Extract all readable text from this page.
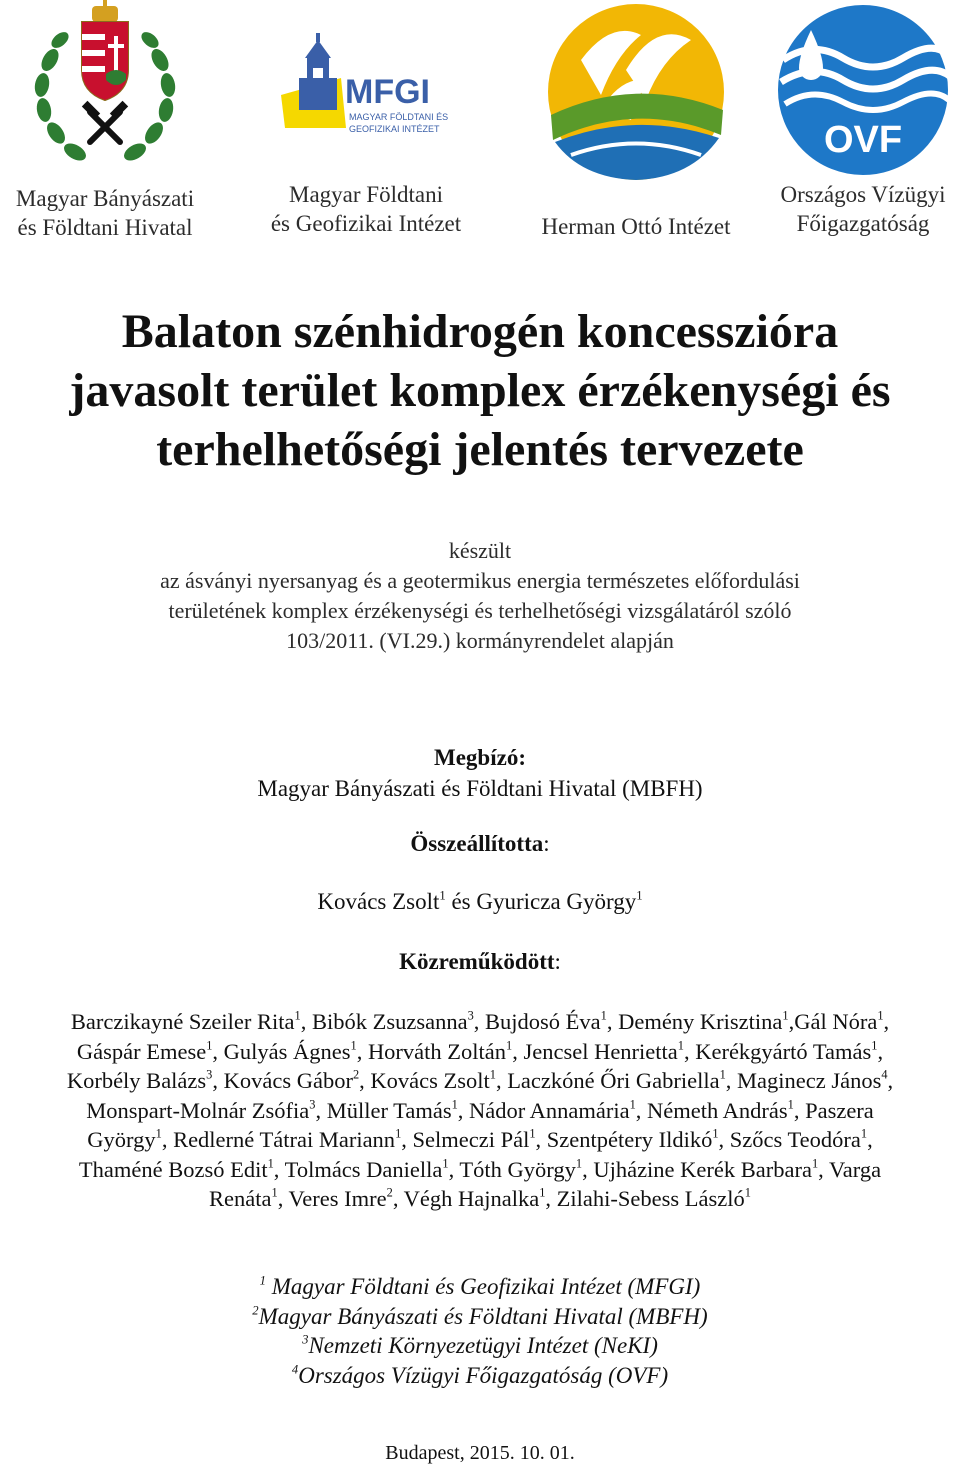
Magyar Bányászati
és Földtani Hivatal
MFGI
MAGYAR FÖLDTANI ÉS
GEOFIZIKAI INTÉZET
Magyar Földtani
és Geofizikai Intézet	Herman Ottó Intézet
OVF
Országos Vízügyi
Főigazgatóság
Balaton szénhidrogén koncesszióra
javasolt terület komplex érzékenységi és
terhelhetőségi jelentés tervezete
készült
az ásványi nyersanyag és a geotermikus energia természetes előfordulási
területének komplex érzékenységi és terhelhetőségi vizsgálatáról szóló
103/2011. (VI.29.) kormányrendelet alapján
Megbízó:
Magyar Bányászati és Földtani Hivatal (MBFH)
Összeállította:
Kovács Zsolt$^1$ és Gyuricza György$^1$
Közreműködött:
Barczikayné Szeiler Rita$^1$, Bibók Zsuzsanna$^3$, Bujdosó Éva$^1$, Demény Krisztina$^1$,Gál Nóra$^1$,
Gáspár Emese$^1$, Gulyás Ágnes$^1$, Horváth Zoltán$^1$, Jencsel Henrietta$^1$, Kerékgyártó Tamás$^1$,
Korbély Balázs$^3$, Kovács Gábor$^2$, Kovács Zsolt$^1$, Laczkóné Őri Gabriella$^1$, Maginecz János$^4$,
Monspart-Molnár Zsófia$^3$, Müller Tamás$^1$, Nádor Annamária$^1$, Németh András$^1$, Paszera
György$^1$, Redlerné Tátrai Mariann$^1$, Selmeczi Pál$^1$, Szentpétery Ildikó$^1$, Szőcs Teodóra$^1$,
Thaméné Bozsó Edit$^1$, Tolmács Daniella$^1$, Tóth György$^1$, Ujházine Kerék Barbara$^1$, Varga
Renáta$^1$, Veres Imre$^2$, Végh Hajnalka$^1$, Zilahi-Sebess László$^1$
$^1$ Magyar Földtani és Geofizikai Intézet (MFGI)
$^2$Magyar Bányászati és Földtani Hivatal (MBFH)
$^3$Nemzeti Környezetügyi Intézet (NeKI)
$^4$Országos Vízügyi Főigazgatóság (OVF)
Budapest, 2015. 10. 01.
